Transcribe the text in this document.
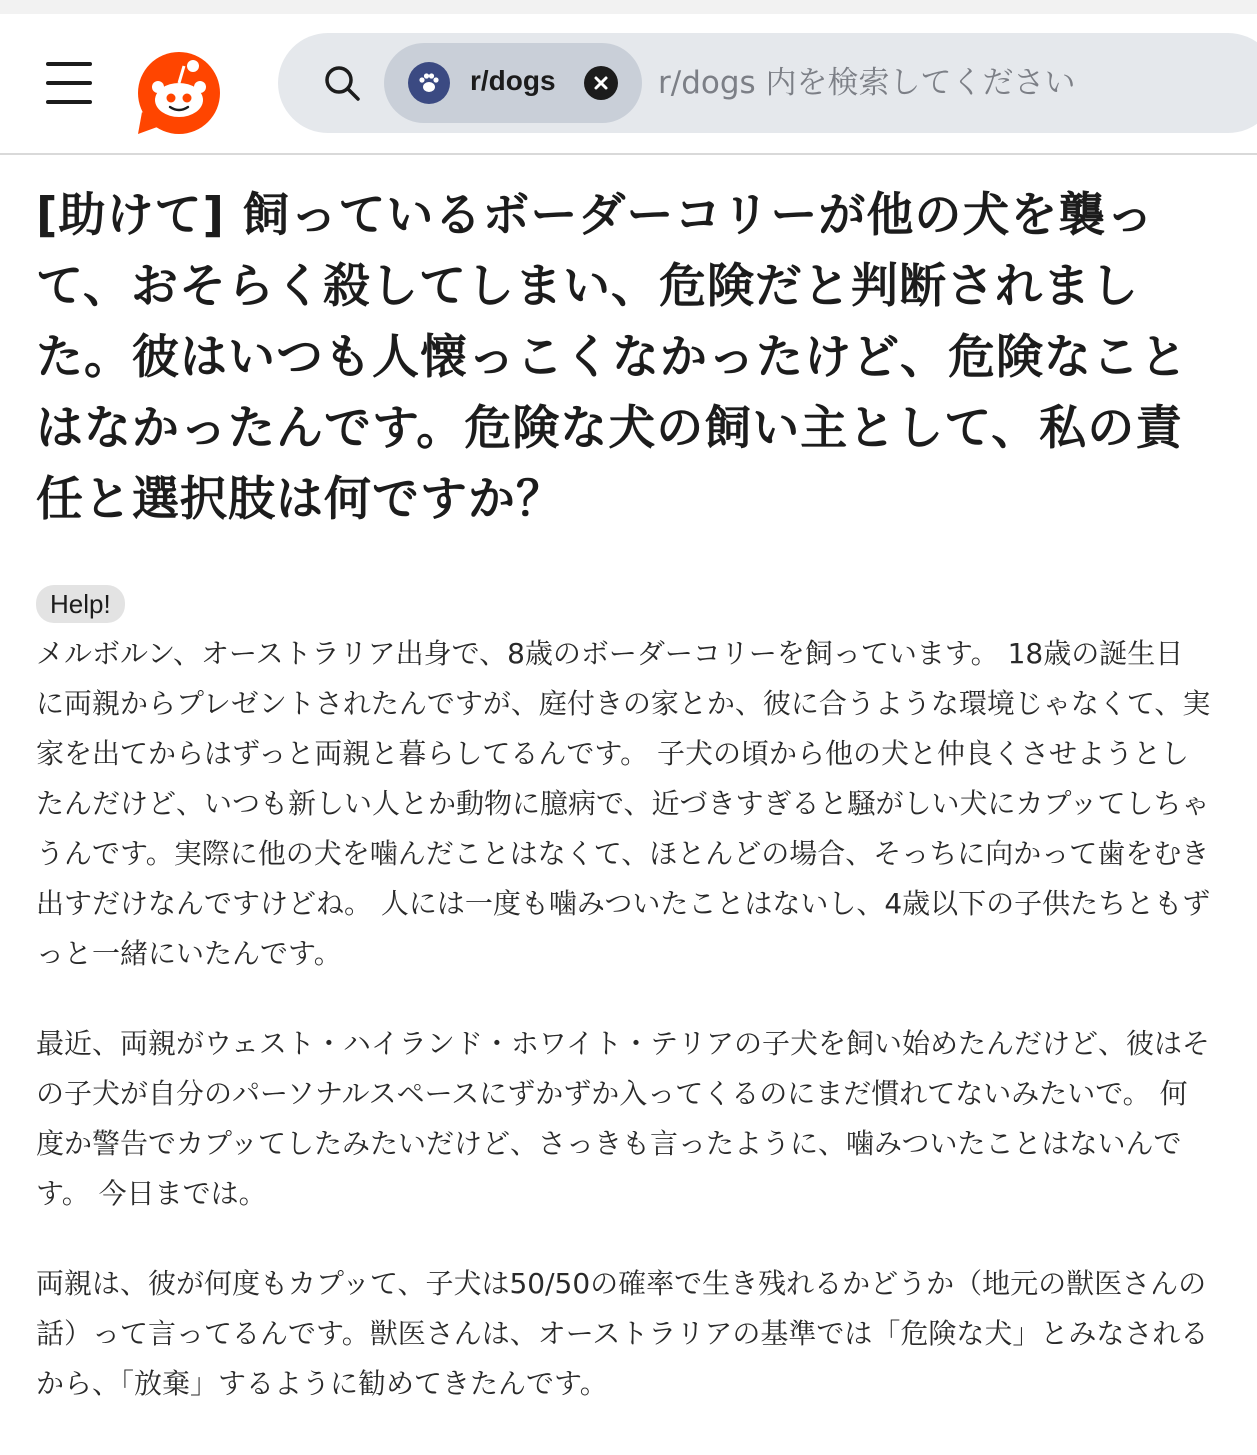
r/dogs
r/dogs 内を検索してください
[助けて] 飼っているボーダーコリーが他の犬を襲って、おそらく殺してしまい、危険だと判断されました。彼はいつも人懐っこくなかったけど、危険なことはなかったんです。危険な犬の飼い主として、私の責任と選択肢は何ですか？
Help!

メルボルン、オーストラリア出身で、8歳のボーダーコリーを飼っています。 18歳の誕生日に両親からプレゼントされたんですが、庭付きの家とか、彼に合うような環境じゃなくて、実家を出てからはずっと両親と暮らしてるんです。 子犬の頃から他の犬と仲良くさせようとしたんだけど、いつも新しい人とか動物に臆病で、近づきすぎると騒がしい犬にカプッてしちゃうんです。実際に他の犬を噛んだことはなくて、ほとんどの場合、そっちに向かって歯をむき出すだけなんですけどね。 人には一度も噛みついたことはないし、4歳以下の子供たちともずっと一緒にいたんです。

最近、両親がウェスト・ハイランド・ホワイト・テリアの子犬を飼い始めたんだけど、彼はその子犬が自分のパーソナルスペースにずかずか入ってくるのにまだ慣れてないみたいで。 何度か警告でカプッてしたみたいだけど、さっきも言ったように、噛みついたことはないんです。 今日までは。

両親は、彼が何度もカプッて、子犬は50/50の確率で生き残れるかどうか（地元の獣医さんの話）って言ってるんです。獣医さんは、オーストラリアの基準では「危険な犬」とみなされるから、「放棄」するように勧めてきたんです。
